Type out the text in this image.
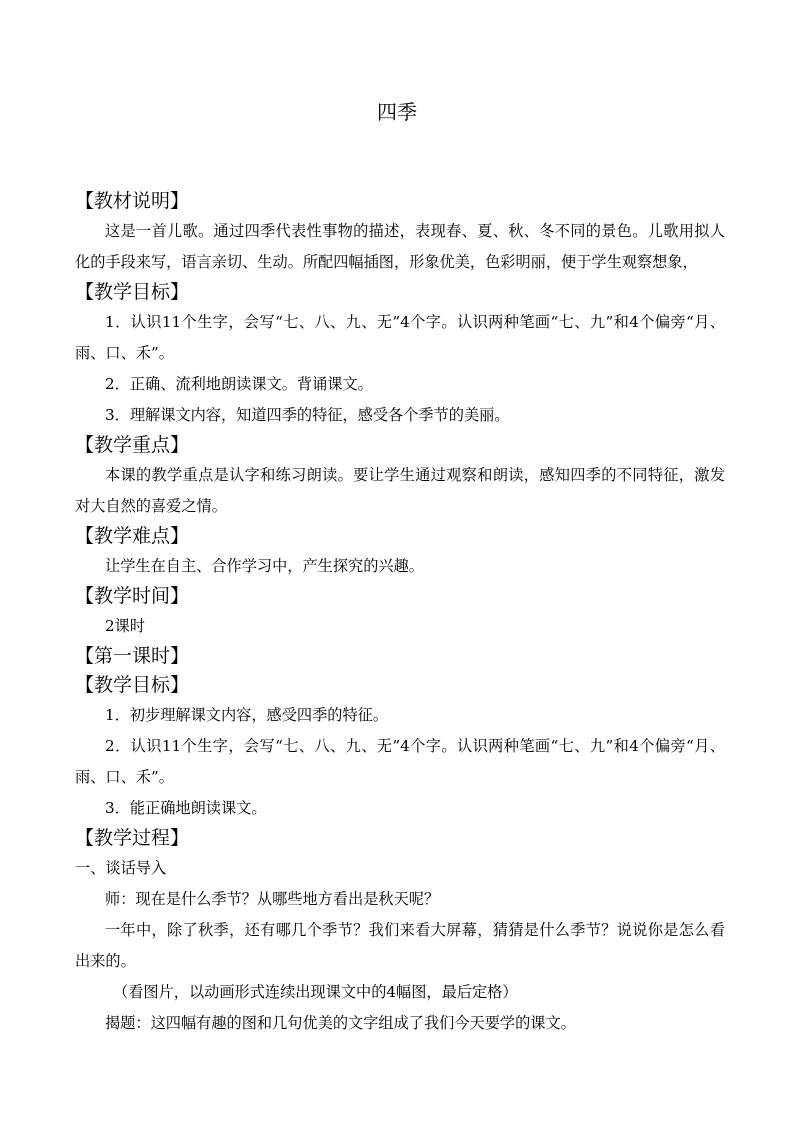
四季
【教材说明】

这是一首儿歌。通过四季代表性事物的描述，表现春、夏、秋、冬不同的景色。儿歌用拟人化的手段来写，语言亲切、生动。所配四幅插图，形象优美，色彩明丽，便于学生观察想象，

【教学目标】

1．认识11个生字，会写“七、八、九、无”4个字。认识两种笔画“七、九”和4个偏旁“月、雨、口、禾”。

2．正确、流利地朗读课文。背诵课文。

3．理解课文内容，知道四季的特征，感受各个季节的美丽。

【教学重点】

本课的教学重点是认字和练习朗读。要让学生通过观察和朗读，感知四季的不同特征，激发对大自然的喜爱之情。

【教学难点】

让学生在自主、合作学习中，产生探究的兴趣。

【教学时间】

2课时

【第一课时】
【教学目标】

1．初步理解课文内容，感受四季的特征。

2．认识11个生字，会写“七、八、九、无”4个字。认识两种笔画“七、九”和4个偏旁“月、雨、口、禾”。

3．能正确地朗读课文。

【教学过程】

一、谈话导入

师：现在是什么季节？从哪些地方看出是秋天呢？

一年中，除了秋季，还有哪几个季节？我们来看大屏幕，猜猜是什么季节？说说你是怎么看出来的。

（看图片，以动画形式连续出现课文中的4幅图，最后定格）

揭题：这四幅有趣的图和几句优美的文字组成了我们今天要学的课文。
